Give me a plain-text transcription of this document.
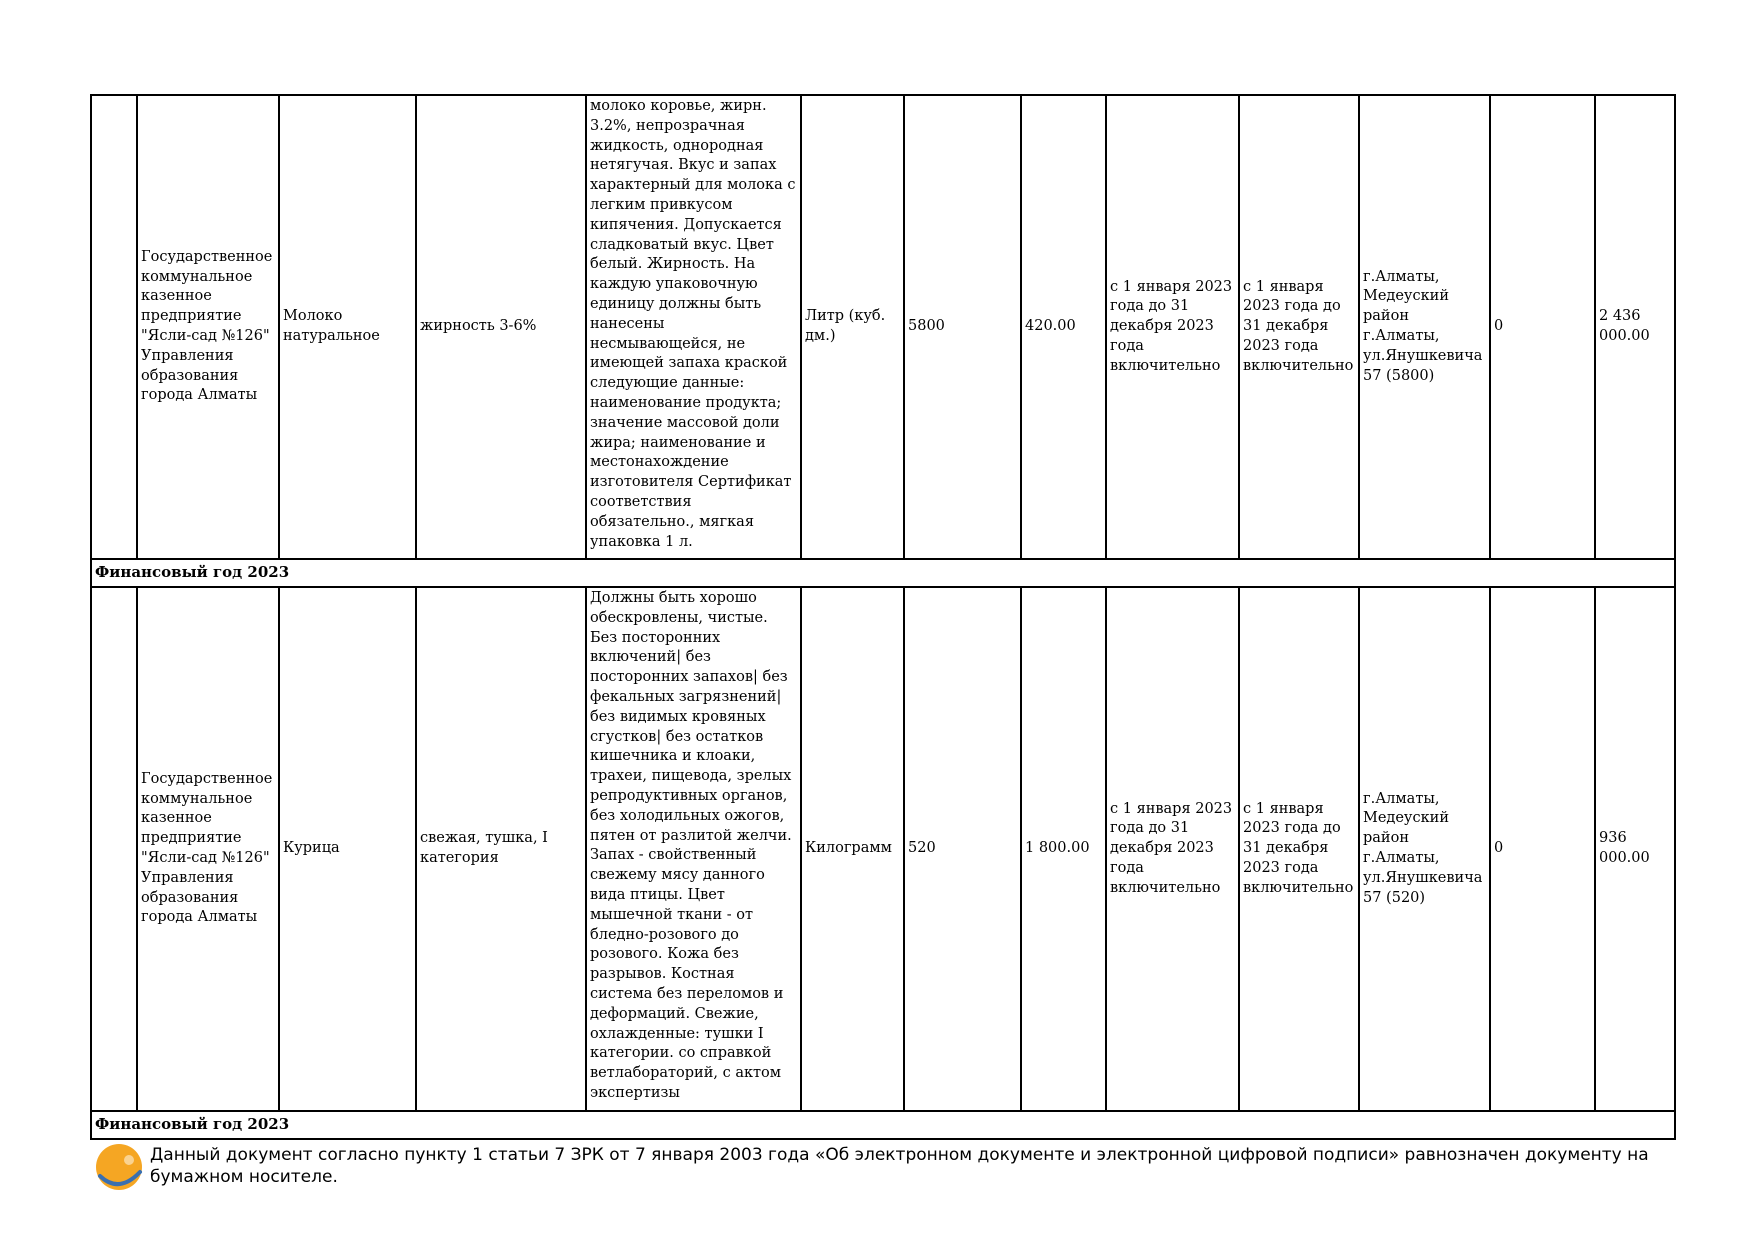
	Государственное коммунальное казенное предприятие "Ясли-сад №126" Управления образования города Алматы	Молоко натуральное	жирность 3-6%	молоко коровье, жирн. 3.2%, непрозрачная жидкость, однородная нетягучая. Вкус и запах характерный для молока с легким привкусом кипячения. Допускается сладковатый вкус. Цвет белый. Жирность. На каждую упаковочную единицу должны быть нанесены несмывающейся, не имеющей запаха краской следующие данные: наименование продукта; значение массовой доли жира; наименование и местонахождение изготовителя Сертификат соответствия обязательно., мягкая упаковка 1 л.	Литр (куб. дм.)	5800	420.00	с 1 января 2023 года до 31 декабря 2023 года включительно	с 1 января 2023 года до 31 декабря 2023 года включительно	г.Алматы, Медеуский район г.Алматы, ул.Янушкевича 57 (5800)	0	2 436 000.00
Финансовый год 2023												
	Государственное коммунальное казенное предприятие "Ясли-сад №126" Управления образования города Алматы	Курица	свежая, тушка, I категория	Должны быть хорошо обескровлены, чистые. Без посторонних включений| без посторонних запахов| без фекальных загрязнений| без видимых кровяных сгустков| без остатков кишечника и клоаки, трахеи, пищевода, зрелых репродуктивных органов, без холодильных ожогов, пятен от разлитой желчи. Запах - свойственный свежему мясу данного вида птицы. Цвет мышечной ткани - от бледно-розового до розового. Кожа без разрывов. Костная система без переломов и деформаций. Свежие, охлажденные: тушки I категории. со справкой ветлабораторий, с актом экспертизы	Килограмм	520	1 800.00	с 1 января 2023 года до 31 декабря 2023 года включительно	с 1 января 2023 года до 31 декабря 2023 года включительно	г.Алматы, Медеуский район г.Алматы, ул.Янушкевича 57 (520)	0	936 000.00
Финансовый год 2023												
Данный документ согласно пункту 1 статьи 7 ЗРК от 7 января 2003 года «Об электронном документе и электронной цифровой подписи» равнозначен документу на бумажном носителе.
